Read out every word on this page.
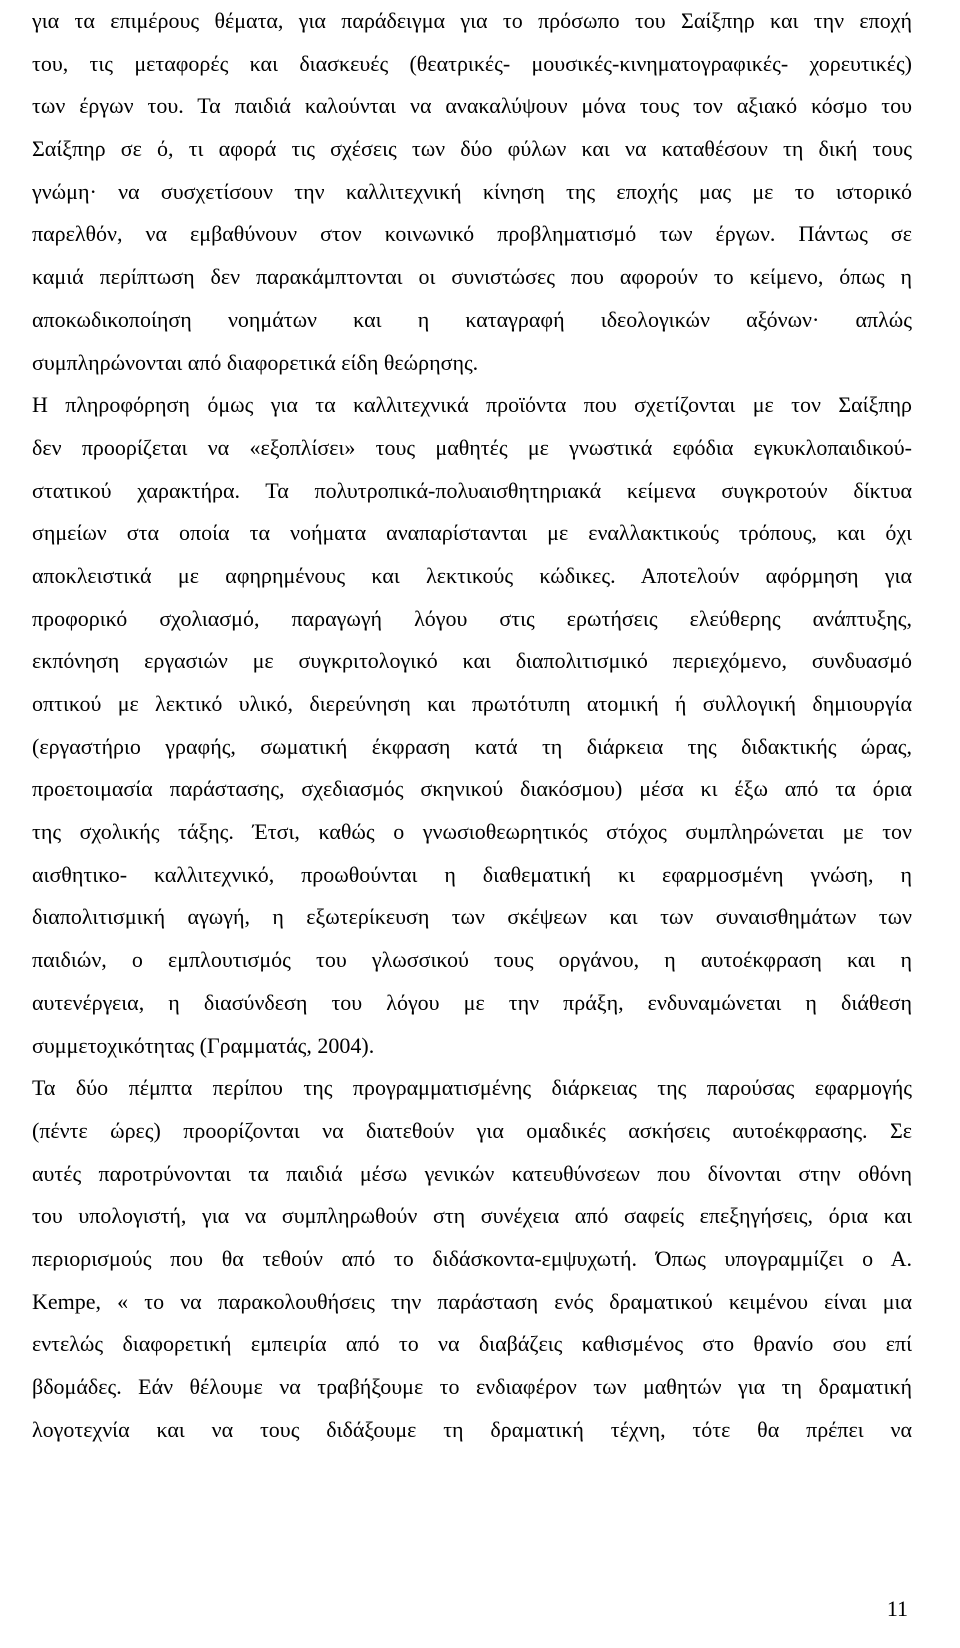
για τα επιμέρους θέματα, για παράδειγμα για το πρόσωπο του Σαίξπηρ και την εποχή
του, τις μεταφορές και διασκευές (θεατρικές- μουσικές-κινηματογραφικές- χορευτικές)
των έργων του. Τα παιδιά καλούνται να ανακαλύψουν μόνα τους τον αξιακό κόσμο του
Σαίξπηρ σε ό, τι αφορά τις σχέσεις των δύο φύλων και να καταθέσουν τη δική τους
γνώμη· να συσχετίσουν την καλλιτεχνική κίνηση της εποχής μας με το ιστορικό
παρελθόν, να εμβαθύνουν στον κοινωνικό προβληματισμό των έργων. Πάντως σε
καμιά περίπτωση δεν παρακάμπτονται οι συνιστώσες που αφορούν το κείμενο, όπως η
αποκωδικοποίηση νοημάτων και η καταγραφή ιδεολογικών αξόνων· απλώς
συμπληρώνονται από διαφορετικά είδη θεώρησης.
Η πληροφόρηση όμως για τα καλλιτεχνικά προϊόντα που σχετίζονται με τον Σαίξπηρ
δεν προορίζεται να «εξοπλίσει» τους μαθητές με γνωστικά εφόδια εγκυκλοπαιδικού-
στατικού χαρακτήρα. Τα πολυτροπικά-πολυαισθητηριακά κείμενα συγκροτούν δίκτυα
σημείων στα οποία τα νοήματα αναπαρίστανται με εναλλακτικούς τρόπους, και όχι
αποκλειστικά με αφηρημένους και λεκτικούς κώδικες. Αποτελούν αφόρμηση για
προφορικό σχολιασμό, παραγωγή λόγου στις ερωτήσεις ελεύθερης ανάπτυξης,
εκπόνηση εργασιών με συγκριτολογικό και διαπολιτισμικό περιεχόμενο, συνδυασμό
οπτικού με λεκτικό υλικό, διερεύνηση και πρωτότυπη ατομική ή συλλογική δημιουργία
(εργαστήριο γραφής, σωματική έκφραση κατά τη διάρκεια της διδακτικής ώρας,
προετοιμασία παράστασης, σχεδιασμός σκηνικού διακόσμου) μέσα κι έξω από τα όρια
της σχολικής τάξης. Έτσι, καθώς ο γνωσιοθεωρητικός στόχος συμπληρώνεται με τον
αισθητικο- καλλιτεχνικό, προωθούνται η διαθεματική κι εφαρμοσμένη γνώση, η
διαπολιτισμική αγωγή, η εξωτερίκευση των σκέψεων και των συναισθημάτων των
παιδιών, ο εμπλουτισμός του γλωσσικού τους οργάνου, η αυτοέκφραση και η
αυτενέργεια, η διασύνδεση του λόγου με την πράξη, ενδυναμώνεται η διάθεση
συμμετοχικότητας (Γραμματάς, 2004).
Τα δύο πέμπτα περίπου της προγραμματισμένης διάρκειας της παρούσας εφαρμογής
(πέντε ώρες) προορίζονται να διατεθούν για ομαδικές ασκήσεις αυτοέκφρασης. Σε
αυτές παροτρύνονται τα παιδιά μέσω γενικών κατευθύνσεων που δίνονται στην οθόνη
του υπολογιστή, για να συμπληρωθούν στη συνέχεια από σαφείς επεξηγήσεις, όρια και
περιορισμούς που θα τεθούν από το διδάσκοντα-εμψυχωτή. Όπως υπογραμμίζει ο Α.
Kempe, « το να παρακολουθήσεις την παράσταση ενός δραματικού κειμένου είναι μια
εντελώς διαφορετική εμπειρία από το να διαβάζεις καθισμένος στο θρανίο σου επί
βδομάδες. Εάν θέλουμε να τραβήξουμε το ενδιαφέρον των μαθητών για τη δραματική
λογοτεχνία και να τους διδάξουμε τη δραματική τέχνη, τότε θα πρέπει να
11
